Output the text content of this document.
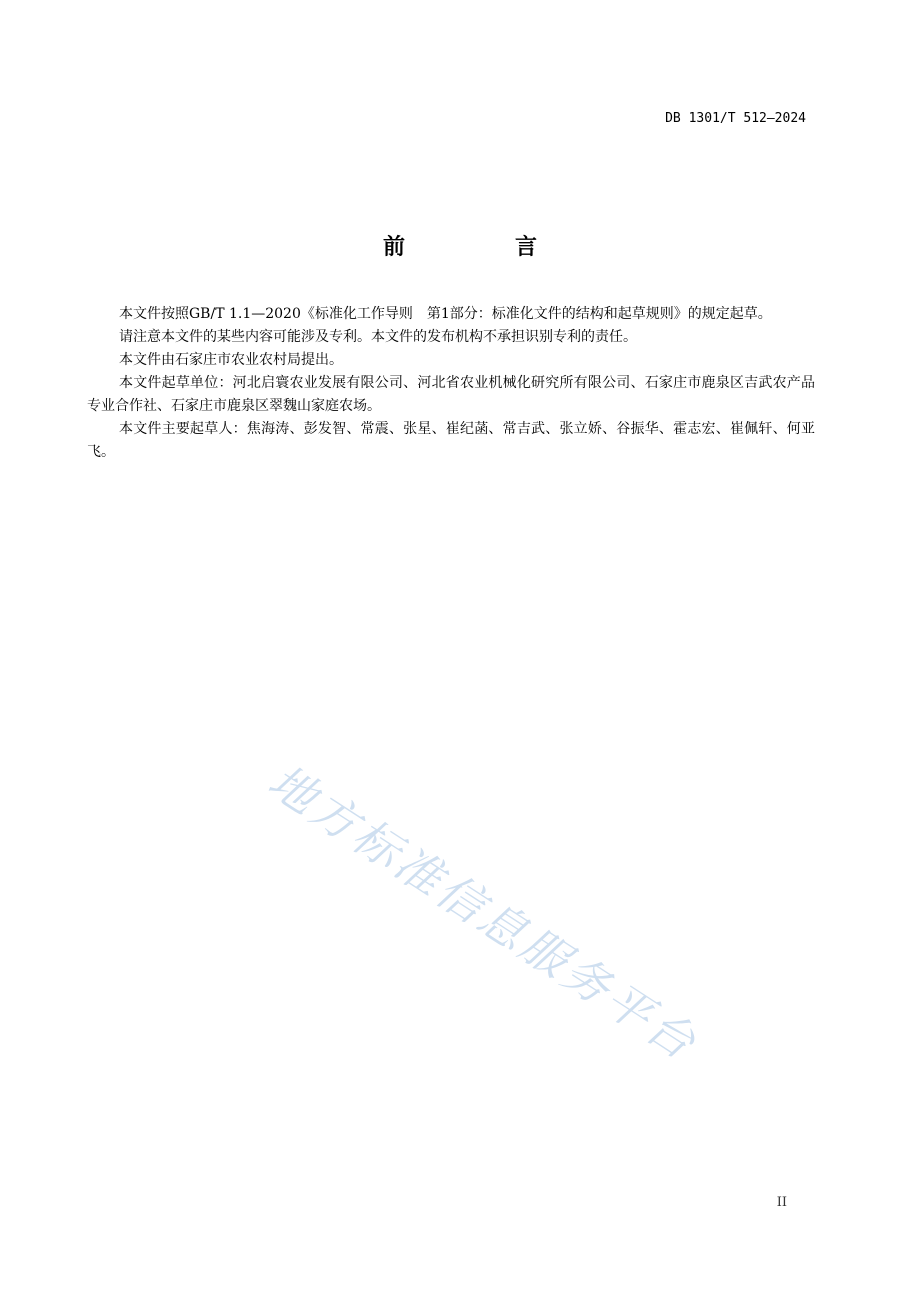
DB 1301/T 512—2024
前　言

本文件按照GB/T 1.1—2020《标准化工作导则　第1部分：标准化文件的结构和起草规则》的规定起草。

请注意本文件的某些内容可能涉及专利。本文件的发布机构不承担识别专利的责任。

本文件由石家庄市农业农村局提出。

本文件起草单位：河北启寰农业发展有限公司、河北省农业机械化研究所有限公司、石家庄市鹿泉区吉武农产品专业合作社、石家庄市鹿泉区翠魏山家庭农场。

本文件主要起草人：焦海涛、彭发智、常震、张星、崔纪菡、常吉武、张立娇、谷振华、霍志宏、崔佩轩、何亚飞。

地方标准信息服务平台
II
